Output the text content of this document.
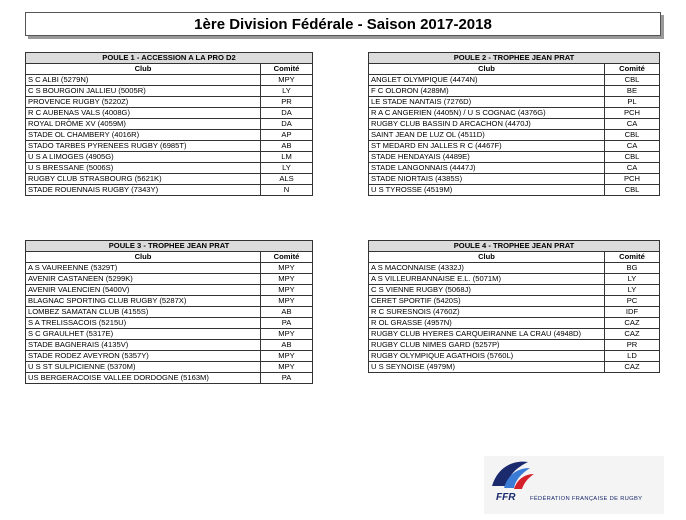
1ère Division Fédérale - Saison 2017-2018
POULE 1 - ACCESSION A LA PRO D2	
Club	Comité
S C ALBI (5279N)	MPY
C S BOURGOIN JALLIEU (5005R)	LY
PROVENCE RUGBY (5220Z)	PR
R C AUBENAS VALS (4008G)	DA
ROYAL DRÔME XV (4059M)	DA
STADE OL CHAMBERY (4016R)	AP
STADO TARBES PYRENEES RUGBY (6985T)	AB
U S A LIMOGES (4905G)	LM
U S BRESSANE (5006S)	LY
RUGBY CLUB STRASBOURG (5621K)	ALS
STADE ROUENNAIS RUGBY (7343Y)	N
POULE 2 - TROPHEE JEAN PRAT	
Club	Comité
ANGLET OLYMPIQUE (4474N)	CBL
F C OLORON (4289M)	BE
LE STADE NANTAIS (7276D)	PL
R A C ANGERIEN (4405N) / U S COGNAC (4376G)	PCH
RUGBY CLUB BASSIN D ARCACHON (4470J)	CA
SAINT JEAN DE LUZ OL (4511D)	CBL
ST MEDARD EN JALLES R C (4467F)	CA
STADE HENDAYAIS (4489E)	CBL
STADE LANGONNAIS (4447J)	CA
STADE NIORTAIS (4385S)	PCH
U S TYROSSE (4519M)	CBL
POULE 3 - TROPHEE JEAN PRAT	
Club	Comité
A S VAUREENNE (5329T)	MPY
AVENIR CASTANEEN (5299K)	MPY
AVENIR VALENCIEN (5400V)	MPY
BLAGNAC SPORTING CLUB RUGBY (5287X)	MPY
LOMBEZ SAMATAN CLUB (4155S)	AB
S A TRELISSACOIS (5215U)	PA
S C GRAULHET (5317E)	MPY
STADE BAGNERAIS (4135V)	AB
STADE RODEZ AVEYRON (5357Y)	MPY
U S ST SULPICIENNE (5370M)	MPY
US BERGERACOISE VALLEE DORDOGNE (5163M)	PA
POULE 4 - TROPHEE JEAN PRAT	
Club	Comité
A S MACONNAISE (4332J)	BG
A S VILLEURBANNAISE E.L. (5071M)	LY
C S VIENNE RUGBY (5068J)	LY
CERET SPORTIF (5420S)	PC
R C SURESNOIS (4760Z)	IDF
R OL GRASSE (4957N)	CAZ
RUGBY CLUB HYERES CARQUEIRANNE LA CRAU (4948D)	CAZ
RUGBY CLUB NIMES GARD (5257P)	PR
RUGBY OLYMPIQUE AGATHOIS (5760L)	LD
U S SEYNOISE (4979M)	CAZ
FFR	FÉDÉRATION FRANÇAISE DE RUGBY
